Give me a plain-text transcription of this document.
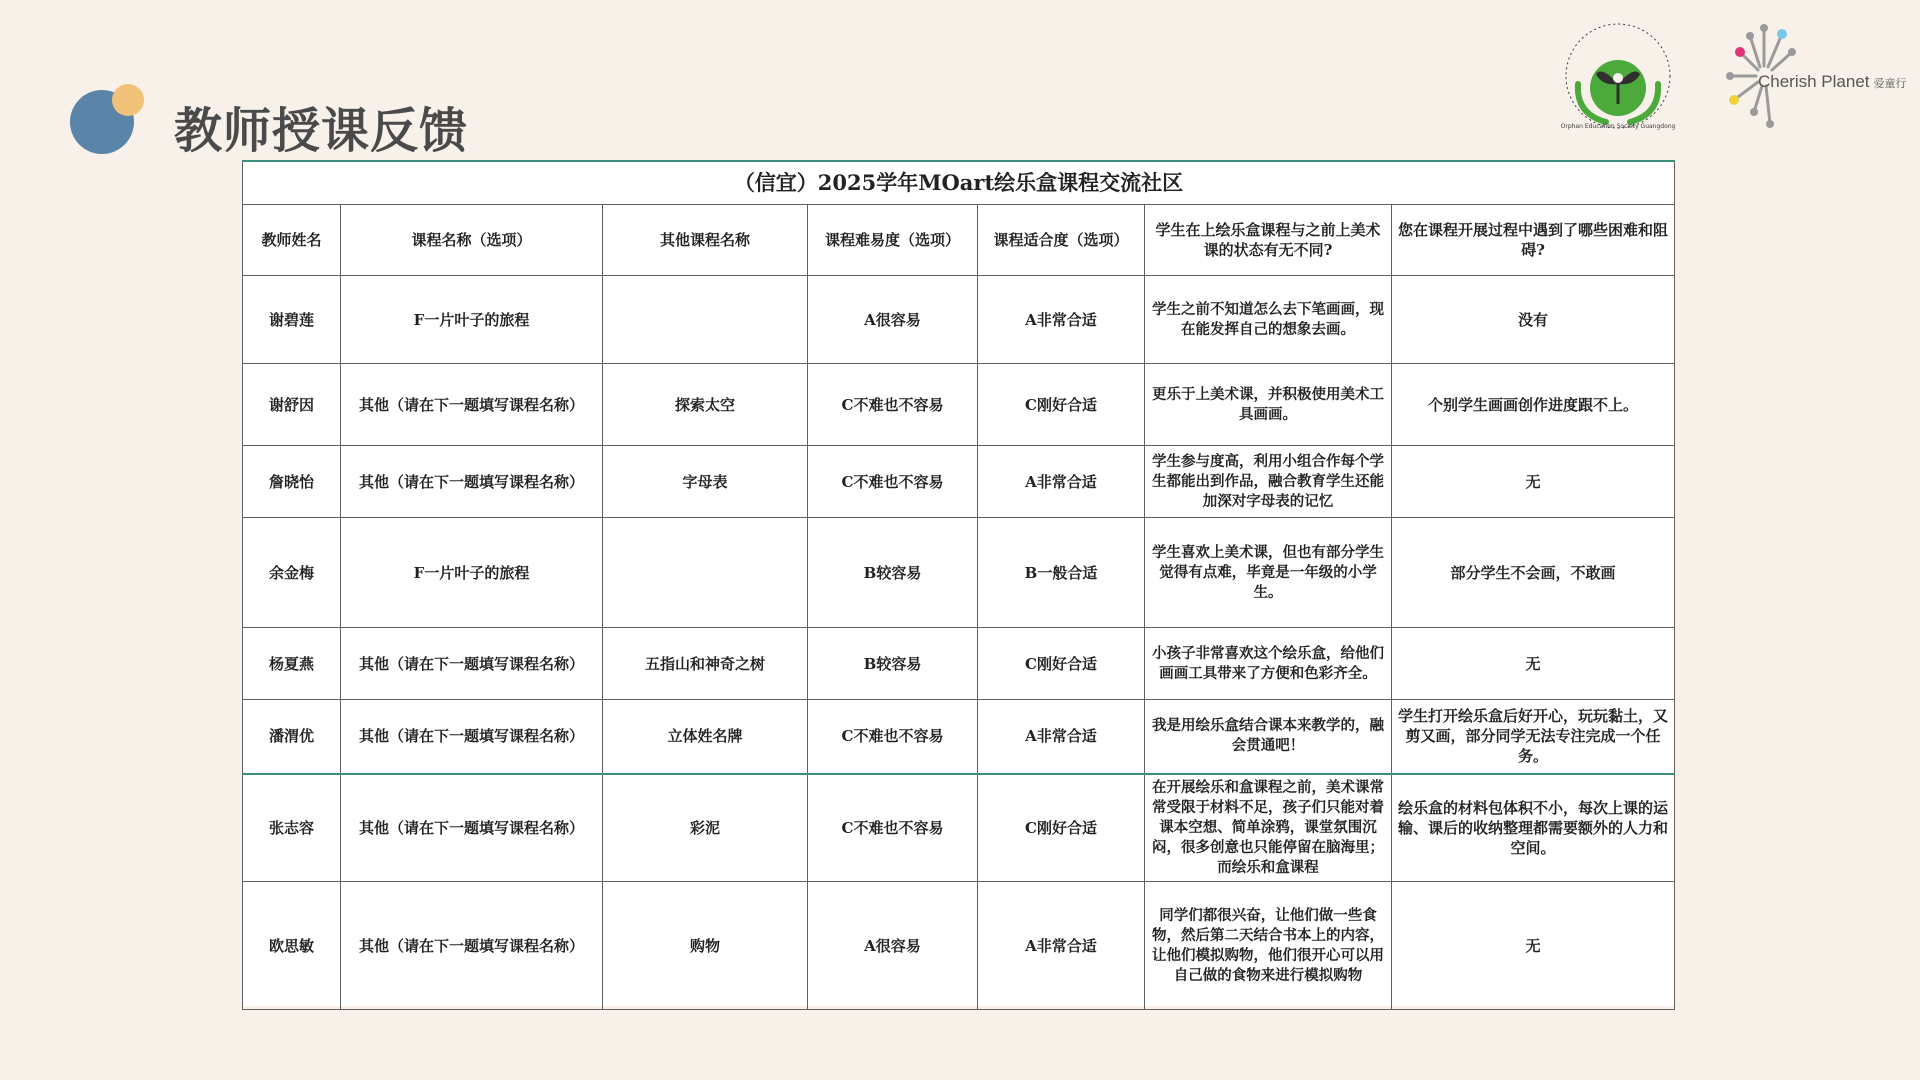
教师授课反馈	Orphan Education Society Guangdong
Cherish Planet 爱童行
（信宜）2025学年MOart绘乐盒课程交流社区						
教师姓名	课程名称（选项）	其他课程名称	课程难易度（选项）	课程适合度（选项）	学生在上绘乐盒课程与之前上美术课的状态有无不同?	您在课程开展过程中遇到了哪些困难和阻碍?
谢碧莲	F一片叶子的旅程		A很容易	A非常合适	学生之前不知道怎么去下笔画画，现在能发挥自己的想象去画。	没有
谢舒因	其他（请在下一题填写课程名称）	探索太空	C不难也不容易	C刚好合适	更乐于上美术课，并积极使用美术工具画画。	个别学生画画创作进度跟不上。
詹晓怡	其他（请在下一题填写课程名称）	字母表	C不难也不容易	A非常合适	学生参与度高，利用小组合作每个学生都能出到作品，融合教育学生还能加深对字母表的记忆	无
余金梅	F一片叶子的旅程		B较容易	B一般合适	学生喜欢上美术课，但也有部分学生觉得有点难，毕竟是一年级的小学生。	部分学生不会画，不敢画
杨夏燕	其他（请在下一题填写课程名称）	五指山和神奇之树	B较容易	C刚好合适	小孩子非常喜欢这个绘乐盒，给他们画画工具带来了方便和色彩齐全。	无
潘渭优	其他（请在下一题填写课程名称）	立体姓名牌	C不难也不容易	A非常合适	我是用绘乐盒结合课本来教学的，融会贯通吧！	学生打开绘乐盒后好开心，玩玩黏土，又剪又画，部分同学无法专注完成一个任务。
张志容	其他（请在下一题填写课程名称）	彩泥	C不难也不容易	C刚好合适	在开展绘乐和盒课程之前，美术课常常受限于材料不足，孩子们只能对着课本空想、简单涂鸦，课堂氛围沉闷，很多创意也只能停留在脑海里；而绘乐和盒课程	绘乐盒的材料包体积不小，每次上课的运输、课后的收纳整理都需要额外的人力和空间。
欧思敏	其他（请在下一题填写课程名称）	购物	A很容易	A非常合适	同学们都很兴奋，让他们做一些食物，然后第二天结合书本上的内容，让他们模拟购物，他们很开心可以用自己做的食物来进行模拟购物	无
